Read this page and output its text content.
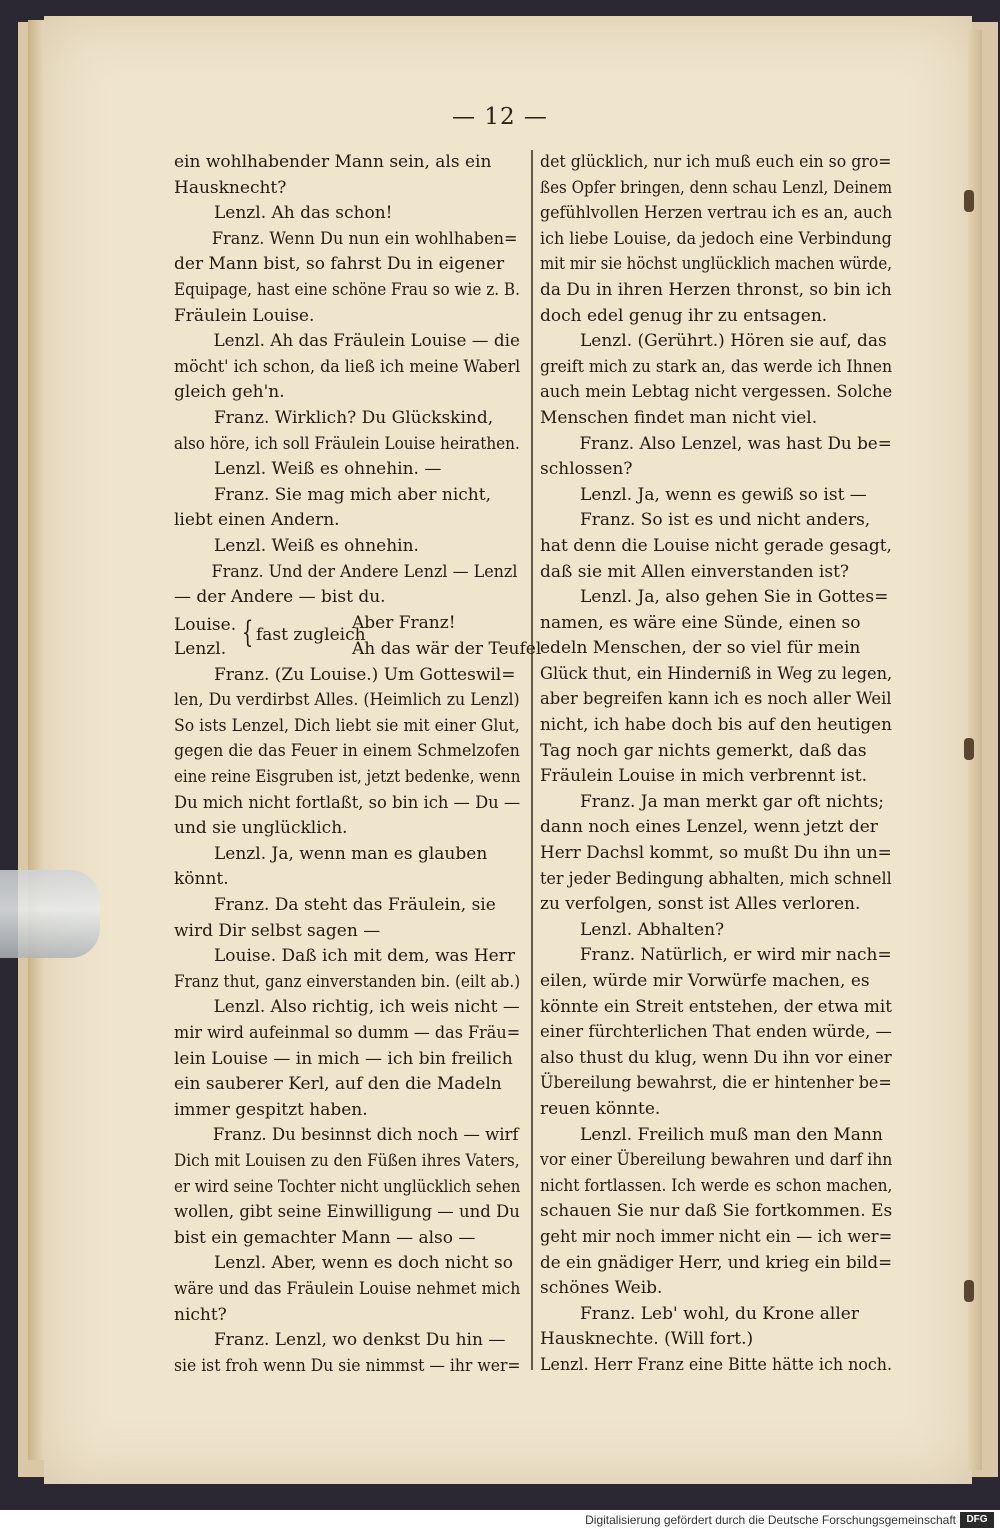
— 12 —
ein wohlhabender Mann sein, als ein
Hausknecht?
Lenzl. Ah das schon!
Franz. Wenn Du nun ein wohlhaben=
der Mann bist, so fahrst Du in eigener
Equipage, hast eine schöne Frau so wie z. B.
Fräulein Louise.
Lenzl. Ah das Fräulein Louise — die
möcht' ich schon, da ließ ich meine Waberl
gleich geh'n.
Franz. Wirklich? Du Glückskind,
also höre, ich soll Fräulein Louise heirathen.
Lenzl. Weiß es ohnehin. —
Franz. Sie mag mich aber nicht,
liebt einen Andern.
Lenzl. Weiß es ohnehin.
Franz. Und der Andere Lenzl — Lenzl
— der Andere — bist du.
Louise.
Lenzl. { fast zugleich
Aber Franz!
Ah das wär der Teufel
Franz. (Zu Louise.) Um Gotteswil=
len, Du verdirbst Alles. (Heimlich zu Lenzl)
So ists Lenzel, Dich liebt sie mit einer Glut,
gegen die das Feuer in einem Schmelzofen
eine reine Eisgruben ist, jetzt bedenke, wenn
Du mich nicht fortlaßt, so bin ich — Du —
und sie unglücklich.
Lenzl. Ja, wenn man es glauben
könnt.
Franz. Da steht das Fräulein, sie
wird Dir selbst sagen —
Louise. Daß ich mit dem, was Herr
Franz thut, ganz einverstanden bin. (eilt ab.)
Lenzl. Also richtig, ich weis nicht —
mir wird aufeinmal so dumm — das Fräu=
lein Louise — in mich — ich bin freilich
ein sauberer Kerl, auf den die Madeln
immer gespitzt haben.
Franz. Du besinnst dich noch — wirf
Dich mit Louisen zu den Füßen ihres Vaters,
er wird seine Tochter nicht unglücklich sehen
wollen, gibt seine Einwilligung — und Du
bist ein gemachter Mann — also —
Lenzl. Aber, wenn es doch nicht so
wäre und das Fräulein Louise nehmet mich
nicht?
Franz. Lenzl, wo denkst Du hin —
sie ist froh wenn Du sie nimmst — ihr wer=
det glücklich, nur ich muß euch ein so gro=
ßes Opfer bringen, denn schau Lenzl, Deinem
gefühlvollen Herzen vertrau ich es an, auch
ich liebe Louise, da jedoch eine Verbindung
mit mir sie höchst unglücklich machen würde,
da Du in ihren Herzen thronst, so bin ich
doch edel genug ihr zu entsagen.
Lenzl. (Gerührt.) Hören sie auf, das
greift mich zu stark an, das werde ich Ihnen
auch mein Lebtag nicht vergessen. Solche
Menschen findet man nicht viel.
Franz. Also Lenzel, was hast Du be=
schlossen?
Lenzl. Ja, wenn es gewiß so ist —
Franz. So ist es und nicht anders,
hat denn die Louise nicht gerade gesagt,
daß sie mit Allen einverstanden ist?
Lenzl. Ja, also gehen Sie in Gottes=
namen, es wäre eine Sünde, einen so
edeln Menschen, der so viel für mein
Glück thut, ein Hinderniß in Weg zu legen,
aber begreifen kann ich es noch aller Weil
nicht, ich habe doch bis auf den heutigen
Tag noch gar nichts gemerkt, daß das
Fräulein Louise in mich verbrennt ist.
Franz. Ja man merkt gar oft nichts;
dann noch eines Lenzel, wenn jetzt der
Herr Dachsl kommt, so mußt Du ihn un=
ter jeder Bedingung abhalten, mich schnell
zu verfolgen, sonst ist Alles verloren.
Lenzl. Abhalten?
Franz. Natürlich, er wird mir nach=
eilen, würde mir Vorwürfe machen, es
könnte ein Streit entstehen, der etwa mit
einer fürchterlichen That enden würde, —
also thust du klug, wenn Du ihn vor einer
Übereilung bewahrst, die er hintenher be=
reuen könnte.
Lenzl. Freilich muß man den Mann
vor einer Übereilung bewahren und darf ihn
nicht fortlassen. Ich werde es schon machen,
schauen Sie nur daß Sie fortkommen. Es
geht mir noch immer nicht ein — ich wer=
de ein gnädiger Herr, und krieg ein bild=
schönes Weib.
Franz. Leb' wohl, du Krone aller
Hausknechte. (Will fort.)
Lenzl. Herr Franz eine Bitte hätte ich noch.
Digitalisierung gefördert durch die Deutsche Forschungsgemeinschaft	DFG
